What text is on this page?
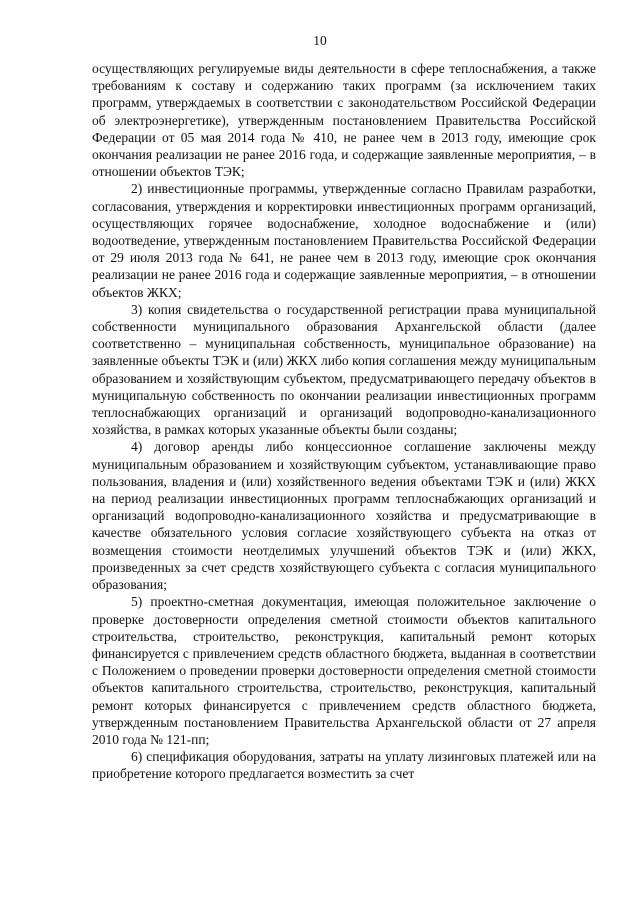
10

осуществляющих регулируемые виды деятельности в сфере теплоснабжения, а также требованиям к составу и содержанию таких программ (за исключением таких программ, утверждаемых в соответствии с законодательством Российской Федерации об электроэнергетике), утвержденным постановлением Правительства Российской Федерации от 05 мая 2014 года № 410, не ранее чем в 2013 году, имеющие срок окончания реализации не ранее 2016 года, и содержащие заявленные мероприятия, – в отношении объектов ТЭК;

2) инвестиционные программы, утвержденные согласно Правилам разработки, согласования, утверждения и корректировки инвестиционных программ организаций, осуществляющих горячее водоснабжение, холодное водоснабжение и (или) водоотведение, утвержденным постановлением Правительства Российской Федерации от 29 июля 2013 года № 641, не ранее чем в 2013 году, имеющие срок окончания реализации не ранее 2016 года и содержащие заявленные мероприятия, – в отношении объектов ЖКХ;

3) копия свидетельства о государственной регистрации права муниципальной собственности муниципального образования Архангельской области (далее соответственно – муниципальная собственность, муниципальное образование) на заявленные объекты ТЭК и (или) ЖКХ либо копия соглашения между муниципальным образованием и хозяйствующим субъектом, предусматривающего передачу объектов в муниципальную собственность по окончании реализации инвестиционных программ теплоснабжающих организаций и организаций водопроводно-канализационного хозяйства, в рамках которых указанные объекты были созданы;

4) договор аренды либо концессионное соглашение заключены между муниципальным образованием и хозяйствующим субъектом, устанавливающие право пользования, владения и (или) хозяйственного ведения объектами ТЭК и (или) ЖКХ на период реализации инвестиционных программ теплоснабжающих организаций и организаций водопроводно-канализационного хозяйства и предусматривающие в качестве обязательного условия согласие хозяйствующего субъекта на отказ от возмещения стоимости неотделимых улучшений объектов ТЭК и (или) ЖКХ, произведенных за счет средств хозяйствующего субъекта с согласия муниципального образования;

5) проектно-сметная документация, имеющая положительное заключение о проверке достоверности определения сметной стоимости объектов капитального строительства, строительство, реконструкция, капитальный ремонт которых финансируется с привлечением средств областного бюджета, выданная в соответствии с Положением о проведении проверки достоверности определения сметной стоимости объектов капитального строительства, строительство, реконструкция, капитальный ремонт которых финансируется с привлечением средств областного бюджета, утвержденным постановлением Правительства Архангельской области от 27 апреля 2010 года № 121-пп;

6) спецификация оборудования, затраты на уплату лизинговых платежей или на приобретение которого предлагается возместить за счет
